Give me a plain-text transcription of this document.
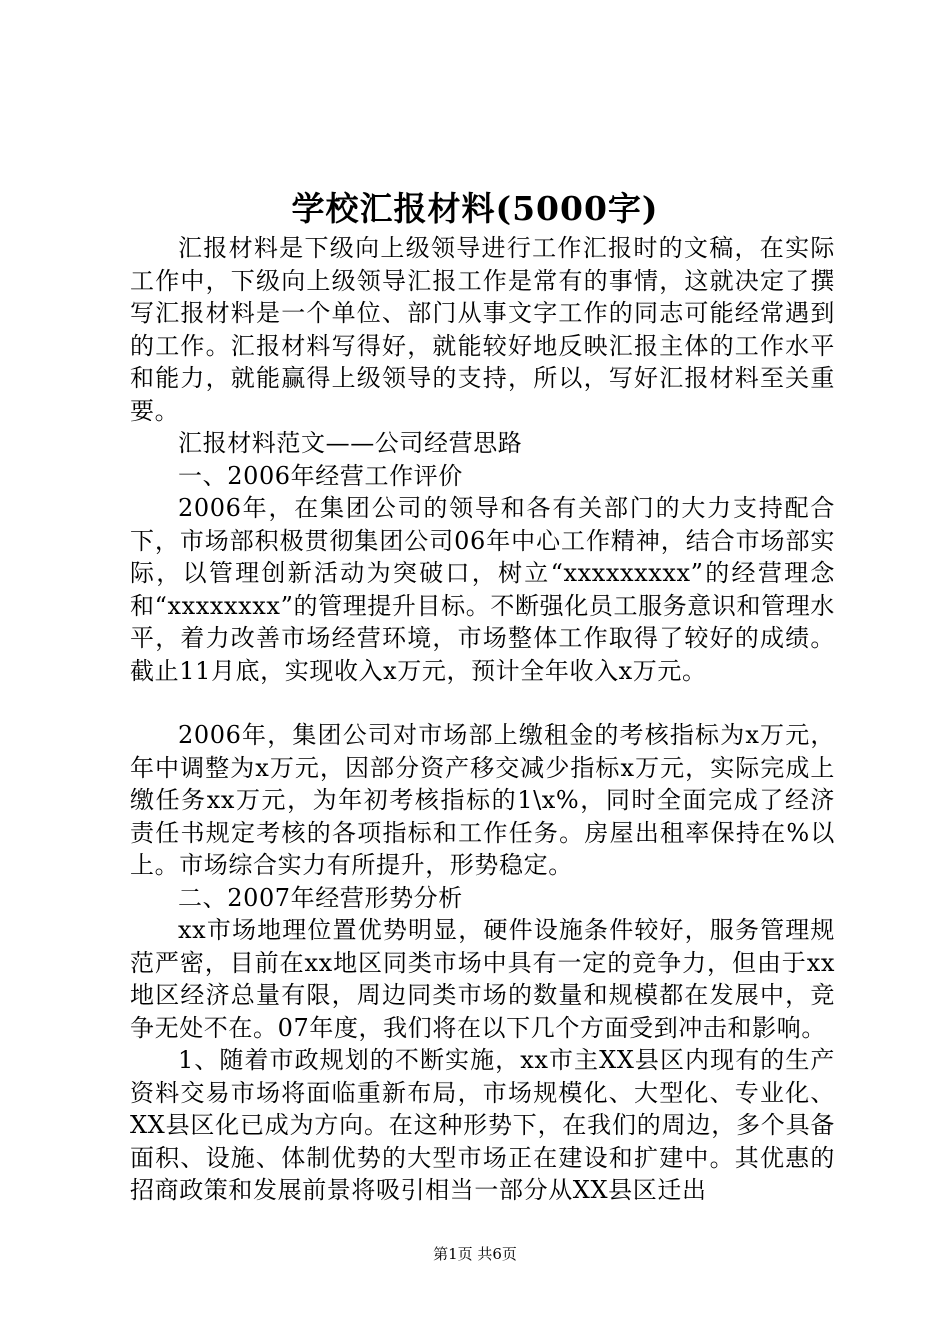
学校汇报材料(5000字)

汇报材料是下级向上级领导进行工作汇报时的文稿，在实际工作中，下级向上级领导汇报工作是常有的事情，这就决定了撰写汇报材料是一个单位、部门从事文字工作的同志可能经常遇到的工作。汇报材料写得好，就能较好地反映汇报主体的工作水平和能力，就能赢得上级领导的支持，所以，写好汇报材料至关重要。

汇报材料范文——公司经营思路

一、2006年经营工作评价

2006年，在集团公司的领导和各有关部门的大力支持配合下，市场部积极贯彻集团公司06年中心工作精神，结合市场部实际，以管理创新活动为突破口，树立“xxxxxxxxx”的经营理念和“xxxxxxxx”的管理提升目标。不断强化员工服务意识和管理水平，着力改善市场经营环境，市场整体工作取得了较好的成绩。截止11月底，实现收入x万元，预计全年收入x万元。

2006年，集团公司对市场部上缴租金的考核指标为x万元，年中调整为x万元，因部分资产移交减少指标x万元，实际完成上缴任务xx万元，为年初考核指标的1\x%，同时全面完成了经济责任书规定考核的各项指标和工作任务。房屋出租率保持在%以上。市场综合实力有所提升，形势稳定。

二、2007年经营形势分析

xx市场地理位置优势明显，硬件设施条件较好，服务管理规范严密，目前在xx地区同类市场中具有一定的竞争力，但由于xx地区经济总量有限，周边同类市场的数量和规模都在发展中，竞争无处不在。07年度，我们将在以下几个方面受到冲击和影响。

1、随着市政规划的不断实施，xx市主XX县区内现有的生产资料交易市场将面临重新布局，市场规模化、大型化、专业化、XX县区化已成为方向。在这种形势下，在我们的周边，多个具备面积、设施、体制优势的大型市场正在建设和扩建中。其优惠的招商政策和发展前景将吸引相当一部分从XX县区迁出

第1页 共6页
